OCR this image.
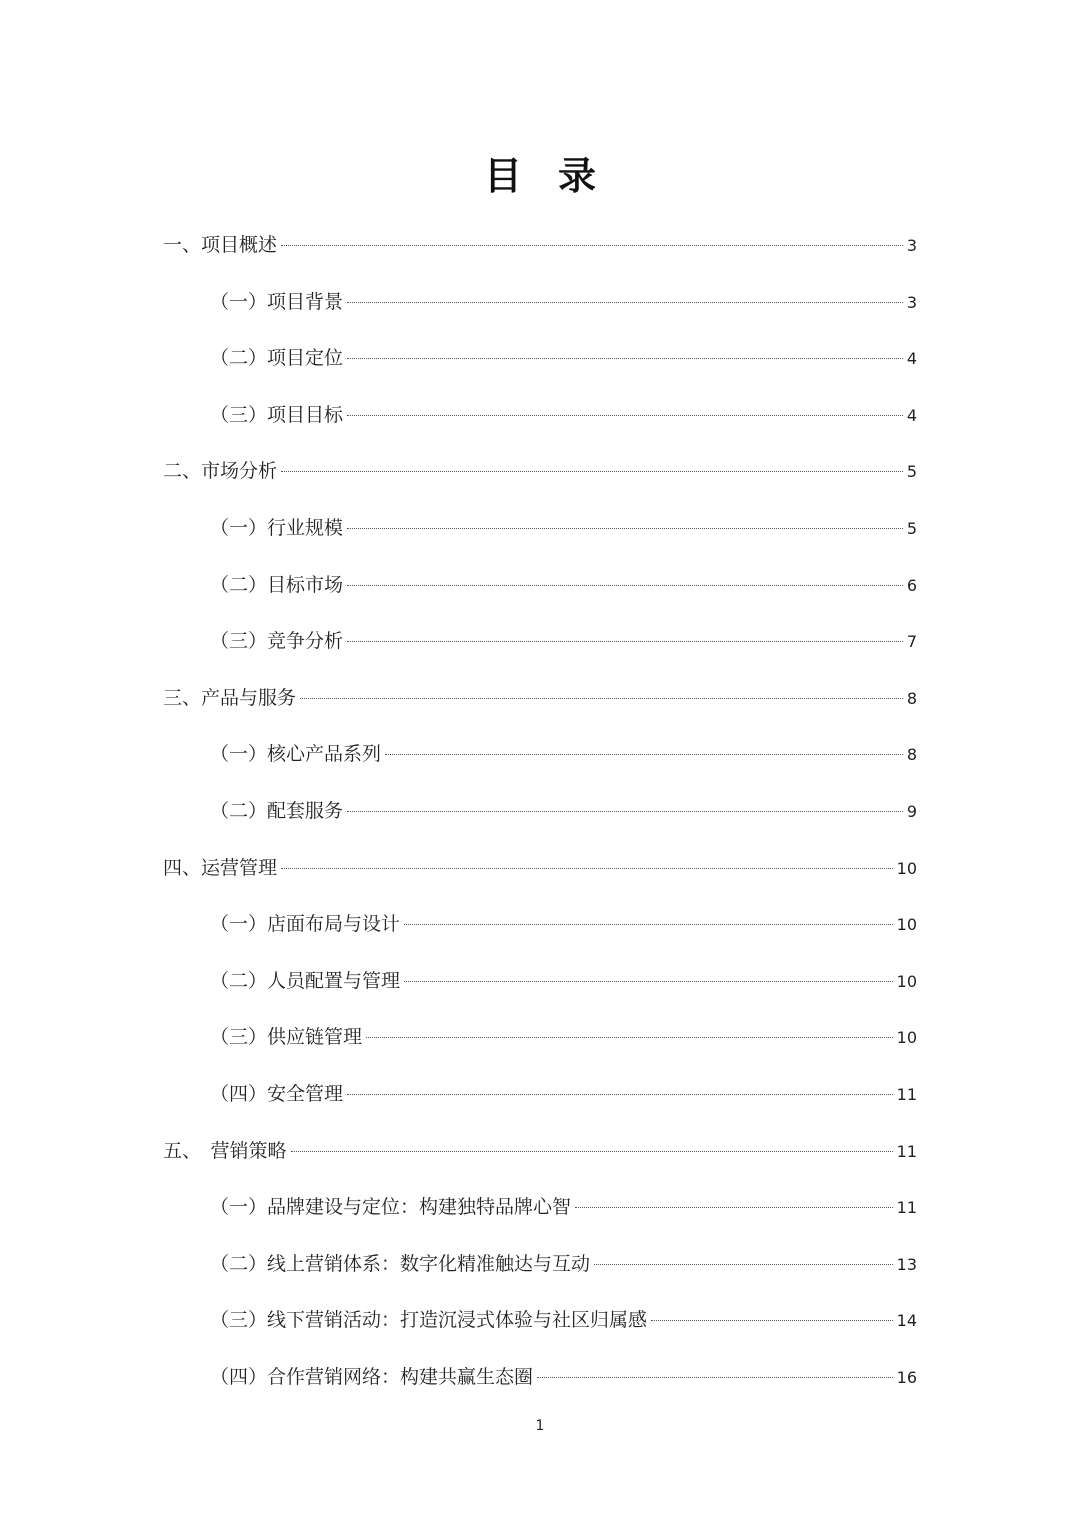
目录
一、项目概述	3
（一）项目背景	3
（二）项目定位	4
（三）项目目标	4
二、市场分析	5
（一）行业规模	5
（二）目标市场	6
（三）竞争分析	7
三、产品与服务	8
（一）核心产品系列	8
（二）配套服务	9
四、运营管理	10
（一）店面布局与设计	10
（二）人员配置与管理	10
（三）供应链管理	10
（四）安全管理	11
五、　营销策略	11
（一）品牌建设与定位：构建独特品牌心智	11
（二）线上营销体系：数字化精准触达与互动	13
（三）线下营销活动：打造沉浸式体验与社区归属感	14
（四）合作营销网络：构建共赢生态圈	16
1
